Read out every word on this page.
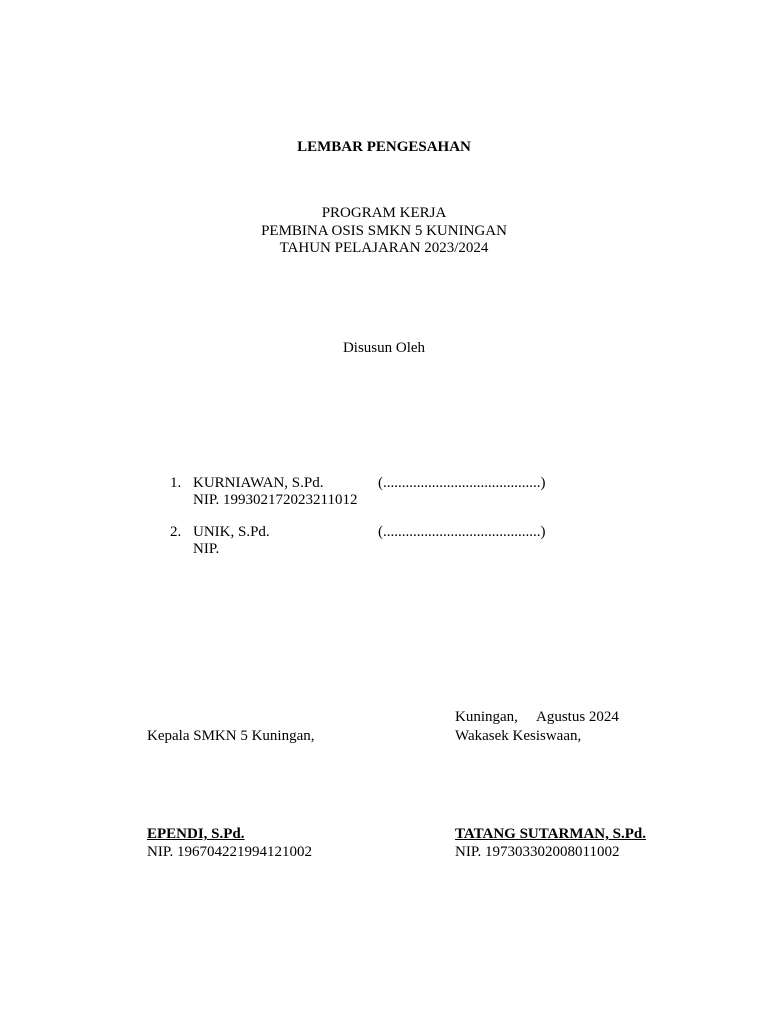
LEMBAR PENGESAHAN
PROGRAM KERJA
PEMBINA OSIS SMKN 5 KUNINGAN
TAHUN PELAJARAN 2023/2024
Disusun Oleh
1. KURNIAWAN, S.Pd.	(..........................................)
NIP. 199302172023211012
2. UNIK, S.Pd.	(..........................................)
NIP.
Kuningan, Agustus 2024
Kepala SMKN 5 Kuningan,	Wakasek Kesiswaan,
EPENDI, S.Pd.	TATANG SUTARMAN, S.Pd.
NIP. 196704221994121002	NIP. 197303302008011002
